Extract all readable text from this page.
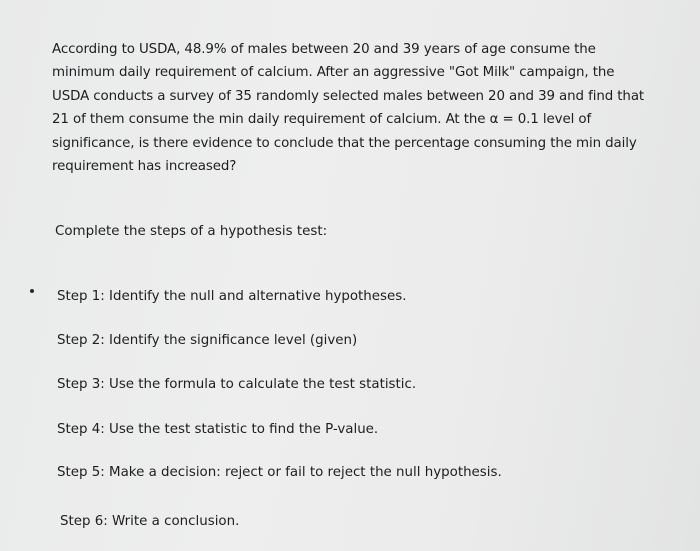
According to USDA, 48.9% of males between 20 and 39 years of age consume the
minimum daily requirement of calcium. After an aggressive "Got Milk" campaign, the
USDA conducts a survey of 35 randomly selected males between 20 and 39 and find that
21 of them consume the min daily requirement of calcium. At the α = 0.1 level of
significance, is there evidence to conclude that the percentage consuming the min daily
requirement has increased?
Complete the steps of a hypothesis test:
Step 1: Identify the null and alternative hypotheses.
Step 2: Identify the significance level (given)
Step 3: Use the formula to calculate the test statistic.
Step 4: Use the test statistic to find the P-value.
Step 5: Make a decision: reject or fail to reject the null hypothesis.
Step 6: Write a conclusion.
